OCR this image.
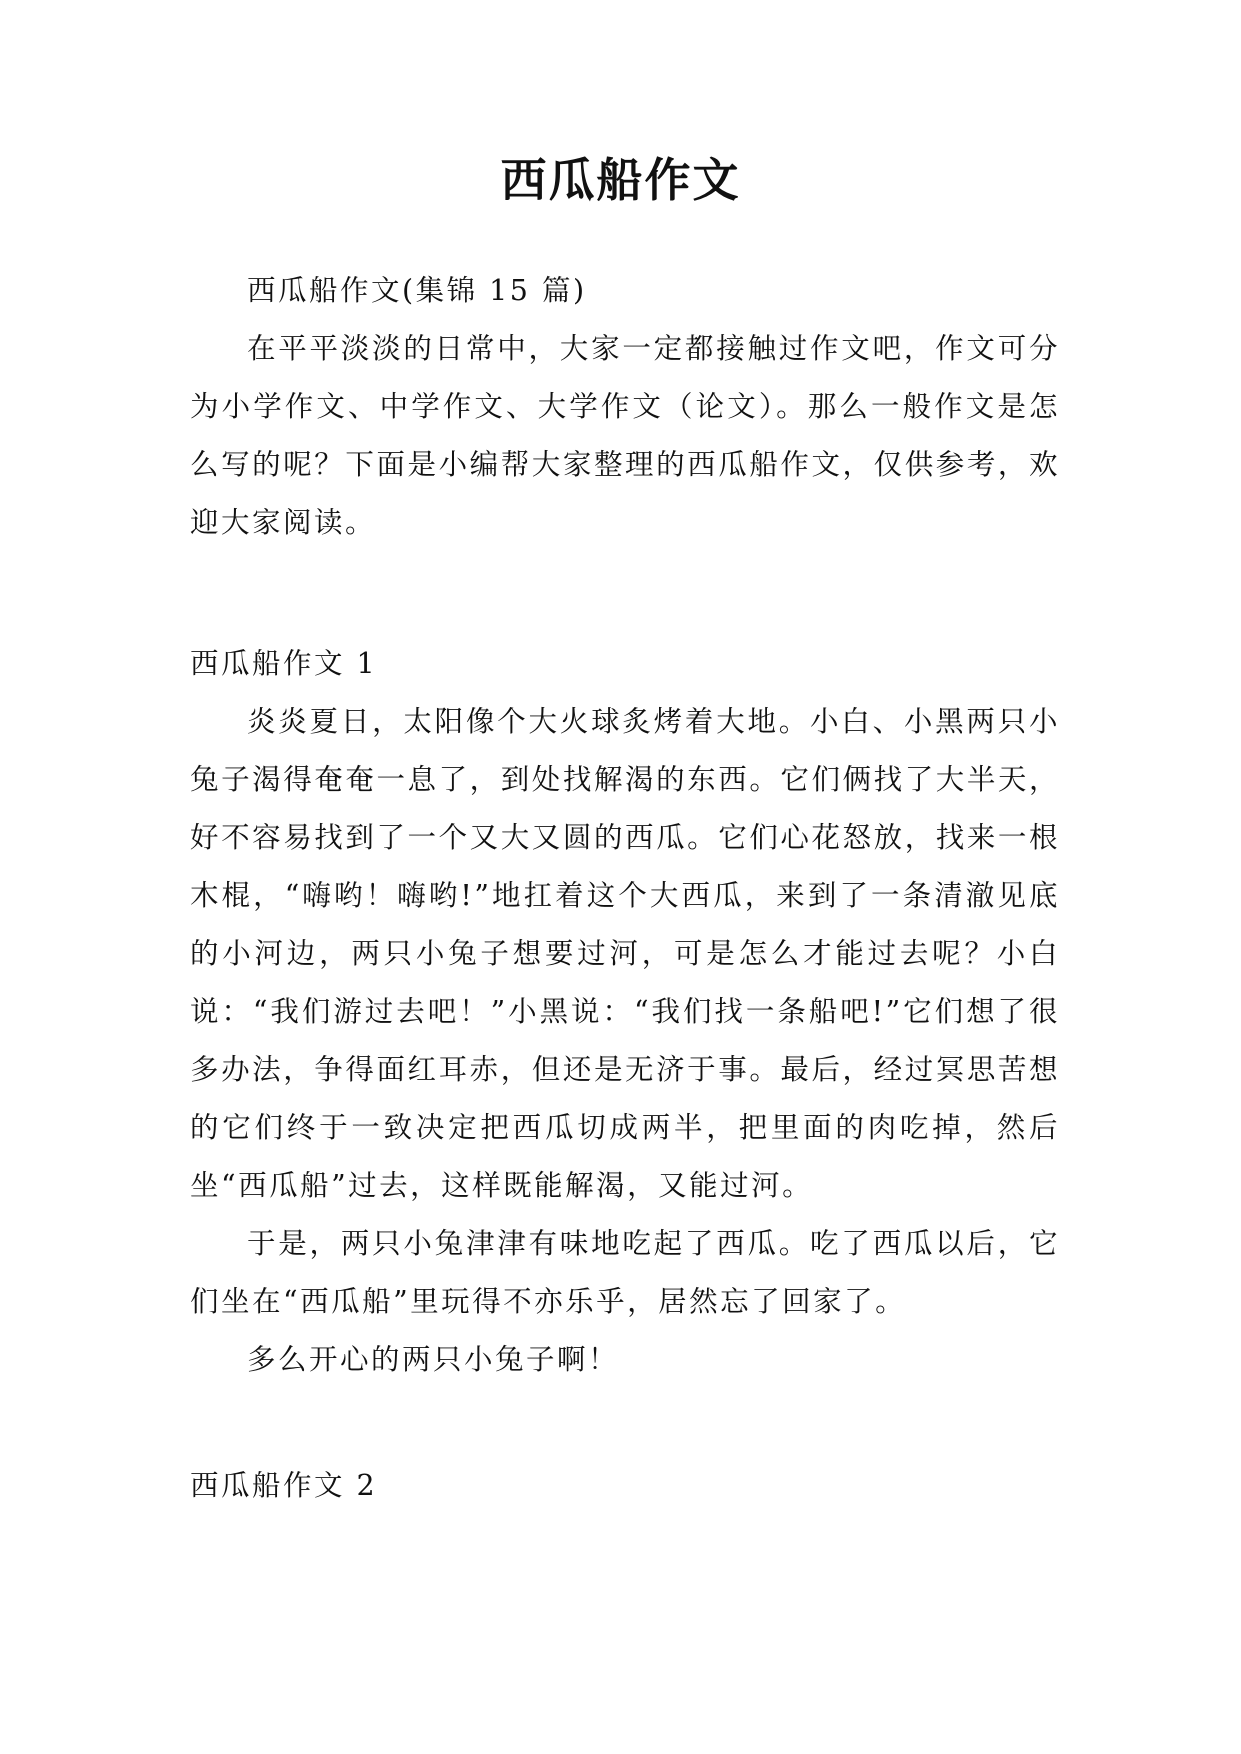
西瓜船作文

西瓜船作文(集锦 15 篇)

在平平淡淡的日常中，大家一定都接触过作文吧，作文可分为小学作文、中学作文、大学作文（论文）。那么一般作文是怎么写的呢？下面是小编帮大家整理的西瓜船作文，仅供参考，欢迎大家阅读。

西瓜船作文 1

炎炎夏日，太阳像个大火球炙烤着大地。小白、小黑两只小兔子渴得奄奄一息了，到处找解渴的东西。它们俩找了大半天，好不容易找到了一个又大又圆的西瓜。它们心花怒放，找来一根木棍，“嗨哟！嗨哟!”地扛着这个大西瓜，来到了一条清澈见底的小河边，两只小兔子想要过河，可是怎么才能过去呢？小白说：“我们游过去吧！”小黑说：“我们找一条船吧!”它们想了很多办法，争得面红耳赤，但还是无济于事。最后，经过冥思苦想的它们终于一致决定把西瓜切成两半，把里面的肉吃掉，然后坐“西瓜船”过去，这样既能解渴，又能过河。

于是，两只小兔津津有味地吃起了西瓜。吃了西瓜以后，它们坐在“西瓜船”里玩得不亦乐乎，居然忘了回家了。

多么开心的两只小兔子啊！

西瓜船作文 2
